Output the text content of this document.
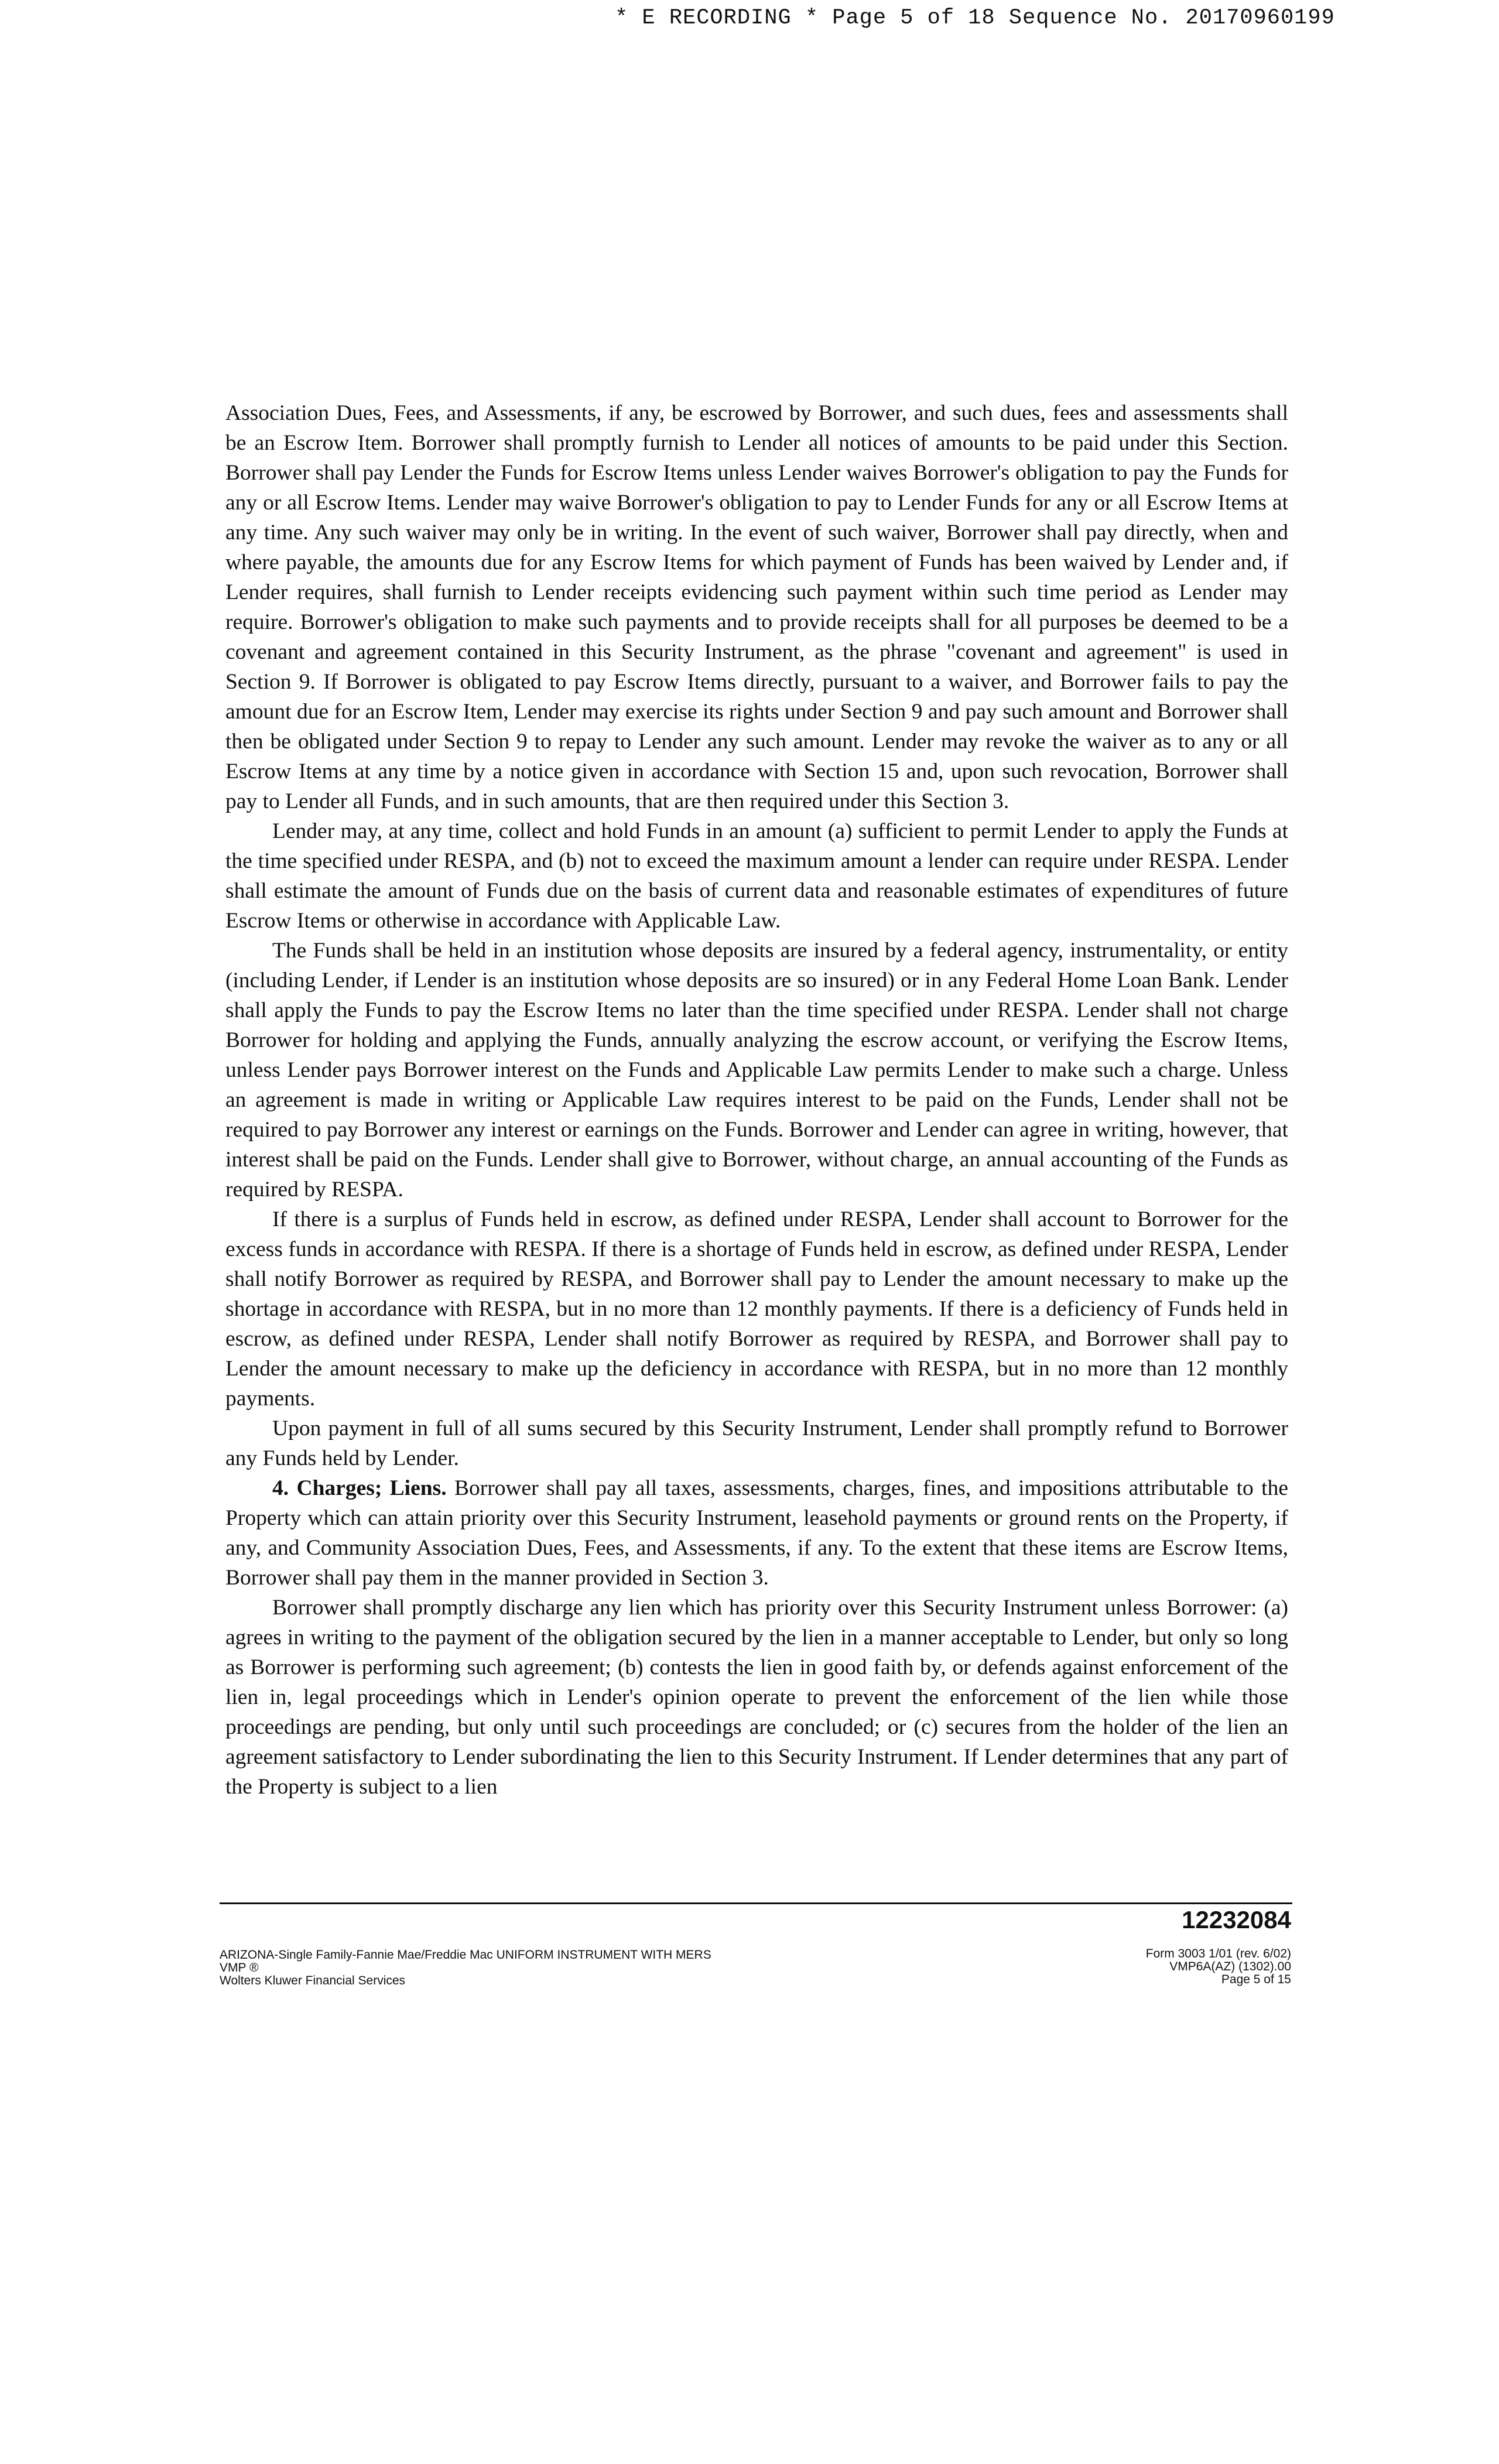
* E RECORDING * Page 5 of 18 Sequence No. 20170960199

Association Dues, Fees, and Assessments, if any, be escrowed by Borrower, and such dues, fees and assessments shall be an Escrow Item. Borrower shall promptly furnish to Lender all notices of amounts to be paid under this Section. Borrower shall pay Lender the Funds for Escrow Items unless Lender waives Borrower's obligation to pay the Funds for any or all Escrow Items. Lender may waive Borrower's obligation to pay to Lender Funds for any or all Escrow Items at any time. Any such waiver may only be in writing. In the event of such waiver, Borrower shall pay directly, when and where payable, the amounts due for any Escrow Items for which payment of Funds has been waived by Lender and, if Lender requires, shall furnish to Lender receipts evidencing such payment within such time period as Lender may require. Borrower's obligation to make such payments and to provide receipts shall for all purposes be deemed to be a covenant and agreement contained in this Security Instrument, as the phrase "covenant and agreement" is used in Section 9. If Borrower is obligated to pay Escrow Items directly, pursuant to a waiver, and Borrower fails to pay the amount due for an Escrow Item, Lender may exercise its rights under Section 9 and pay such amount and Borrower shall then be obligated under Section 9 to repay to Lender any such amount. Lender may revoke the waiver as to any or all Escrow Items at any time by a notice given in accordance with Section 15 and, upon such revocation, Borrower shall pay to Lender all Funds, and in such amounts, that are then required under this Section 3.

Lender may, at any time, collect and hold Funds in an amount (a) sufficient to permit Lender to apply the Funds at the time specified under RESPA, and (b) not to exceed the maximum amount a lender can require under RESPA. Lender shall estimate the amount of Funds due on the basis of current data and reasonable estimates of expenditures of future Escrow Items or otherwise in accordance with Applicable Law.

The Funds shall be held in an institution whose deposits are insured by a federal agency, instrumentality, or entity (including Lender, if Lender is an institution whose deposits are so insured) or in any Federal Home Loan Bank. Lender shall apply the Funds to pay the Escrow Items no later than the time specified under RESPA. Lender shall not charge Borrower for holding and applying the Funds, annually analyzing the escrow account, or verifying the Escrow Items, unless Lender pays Borrower interest on the Funds and Applicable Law permits Lender to make such a charge. Unless an agreement is made in writing or Applicable Law requires interest to be paid on the Funds, Lender shall not be required to pay Borrower any interest or earnings on the Funds. Borrower and Lender can agree in writing, however, that interest shall be paid on the Funds. Lender shall give to Borrower, without charge, an annual accounting of the Funds as required by RESPA.

If there is a surplus of Funds held in escrow, as defined under RESPA, Lender shall account to Borrower for the excess funds in accordance with RESPA. If there is a shortage of Funds held in escrow, as defined under RESPA, Lender shall notify Borrower as required by RESPA, and Borrower shall pay to Lender the amount necessary to make up the shortage in accordance with RESPA, but in no more than 12 monthly payments. If there is a deficiency of Funds held in escrow, as defined under RESPA, Lender shall notify Borrower as required by RESPA, and Borrower shall pay to Lender the amount necessary to make up the deficiency in accordance with RESPA, but in no more than 12 monthly payments.

Upon payment in full of all sums secured by this Security Instrument, Lender shall promptly refund to Borrower any Funds held by Lender.

4. Charges; Liens. Borrower shall pay all taxes, assessments, charges, fines, and impositions attributable to the Property which can attain priority over this Security Instrument, leasehold payments or ground rents on the Property, if any, and Community Association Dues, Fees, and Assessments, if any. To the extent that these items are Escrow Items, Borrower shall pay them in the manner provided in Section 3.

Borrower shall promptly discharge any lien which has priority over this Security Instrument unless Borrower: (a) agrees in writing to the payment of the obligation secured by the lien in a manner acceptable to Lender, but only so long as Borrower is performing such agreement; (b) contests the lien in good faith by, or defends against enforcement of the lien in, legal proceedings which in Lender's opinion operate to prevent the enforcement of the lien while those proceedings are pending, but only until such proceedings are concluded; or (c) secures from the holder of the lien an agreement satisfactory to Lender subordinating the lien to this Security Instrument. If Lender determines that any part of the Property is subject to a lien

12232084
ARIZONA-Single Family-Fannie Mae/Freddie Mac UNIFORM INSTRUMENT WITH MERS
VMP ®
Wolters Kluwer Financial Services
Form 3003 1/01 (rev. 6/02)
VMP6A(AZ) (1302).00
Page 5 of 15
